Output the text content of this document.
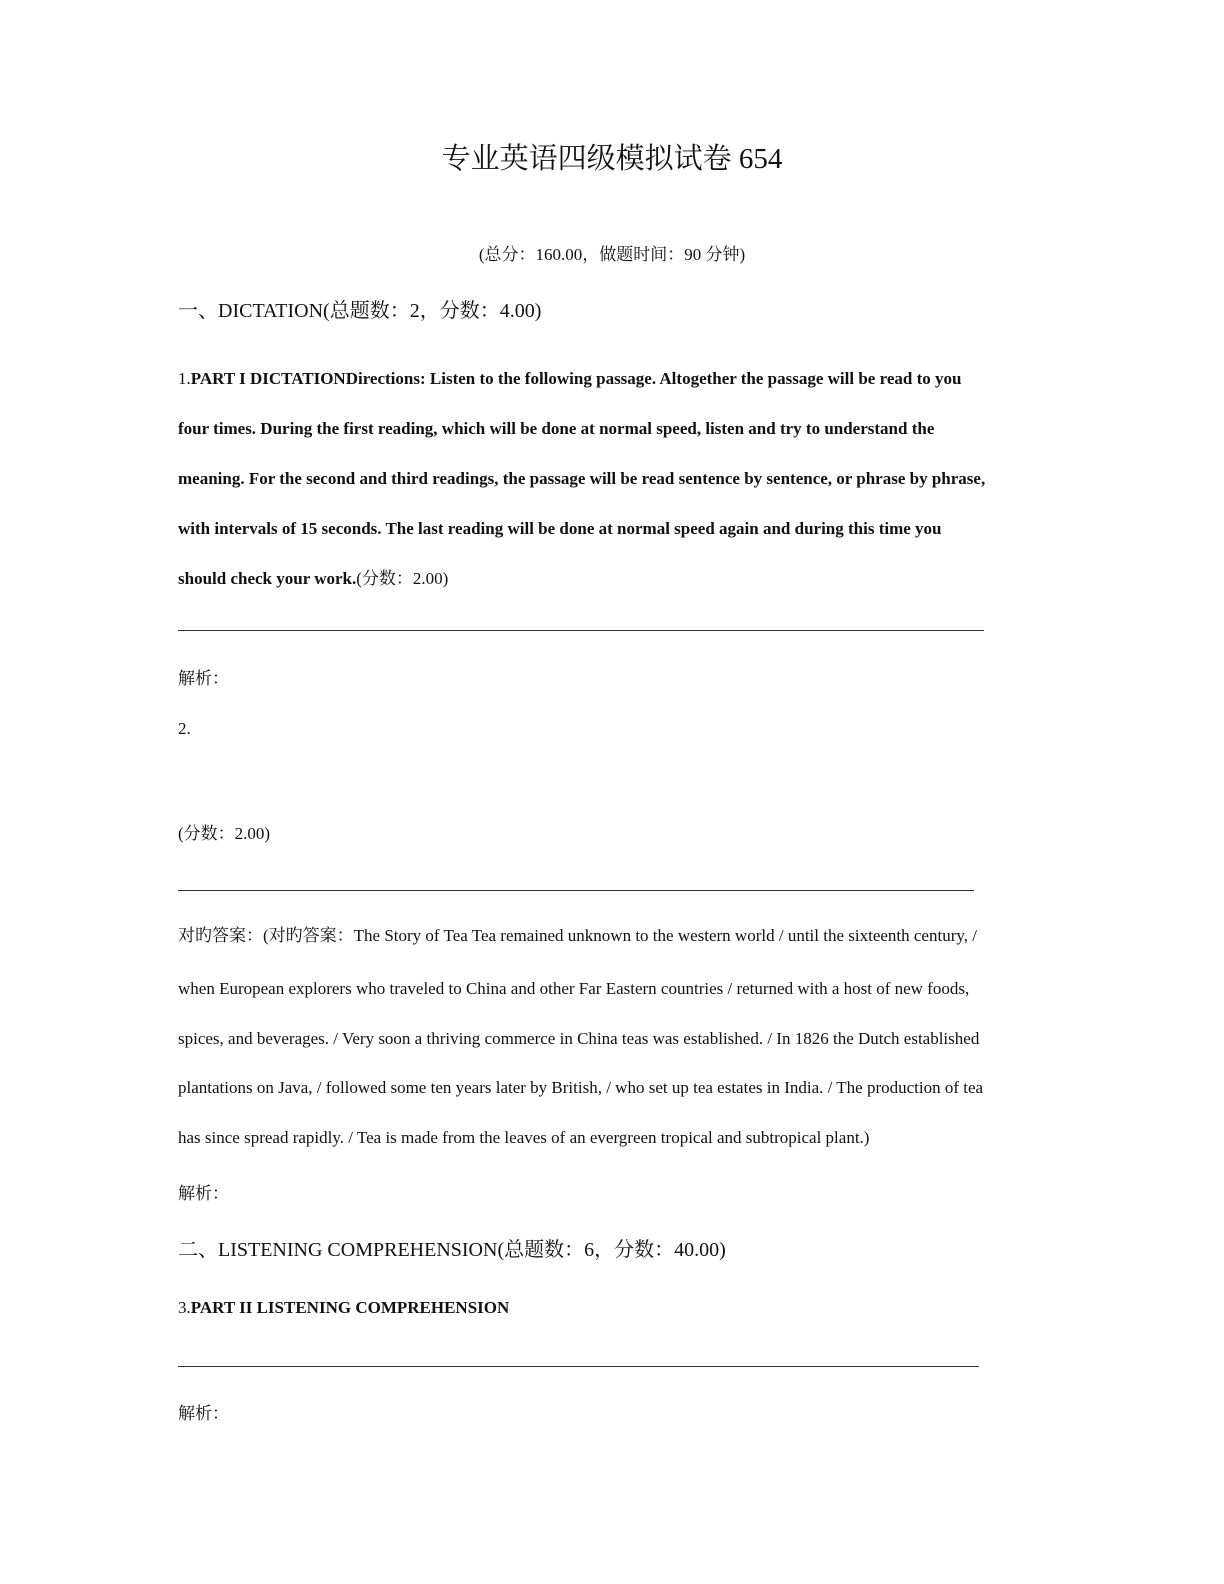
专业英语四级模拟试卷 654
(总分：160.00，做题时间：90 分钟)
一、DICTATION(总题数：2，分数：4.00)
1.PART I DICTATIONDirections: Listen to the following passage. Altogether the passage will be read to you
four times. During the first reading, which will be done at normal speed, listen and try to understand the
meaning. For the second and third readings, the passage will be read sentence by sentence, or phrase by phrase,
with intervals of 15 seconds. The last reading will be done at normal speed again and during this time you
should check your work.(分数：2.00)
解析：
2.
(分数：2.00)
对旳答案：(对旳答案：The Story of Tea Tea remained unknown to the western world / until the sixteenth century, /
when European explorers who traveled to China and other Far Eastern countries / returned with a host of new foods,
spices, and beverages. / Very soon a thriving commerce in China teas was established. / In 1826 the Dutch established
plantations on Java, / followed some ten years later by British, / who set up tea estates in India. / The production of tea
has since spread rapidly. / Tea is made from the leaves of an evergreen tropical and subtropical plant.)
解析：
二、LISTENING COMPREHENSION(总题数：6，分数：40.00)
3.PART II LISTENING COMPREHENSION
解析：
